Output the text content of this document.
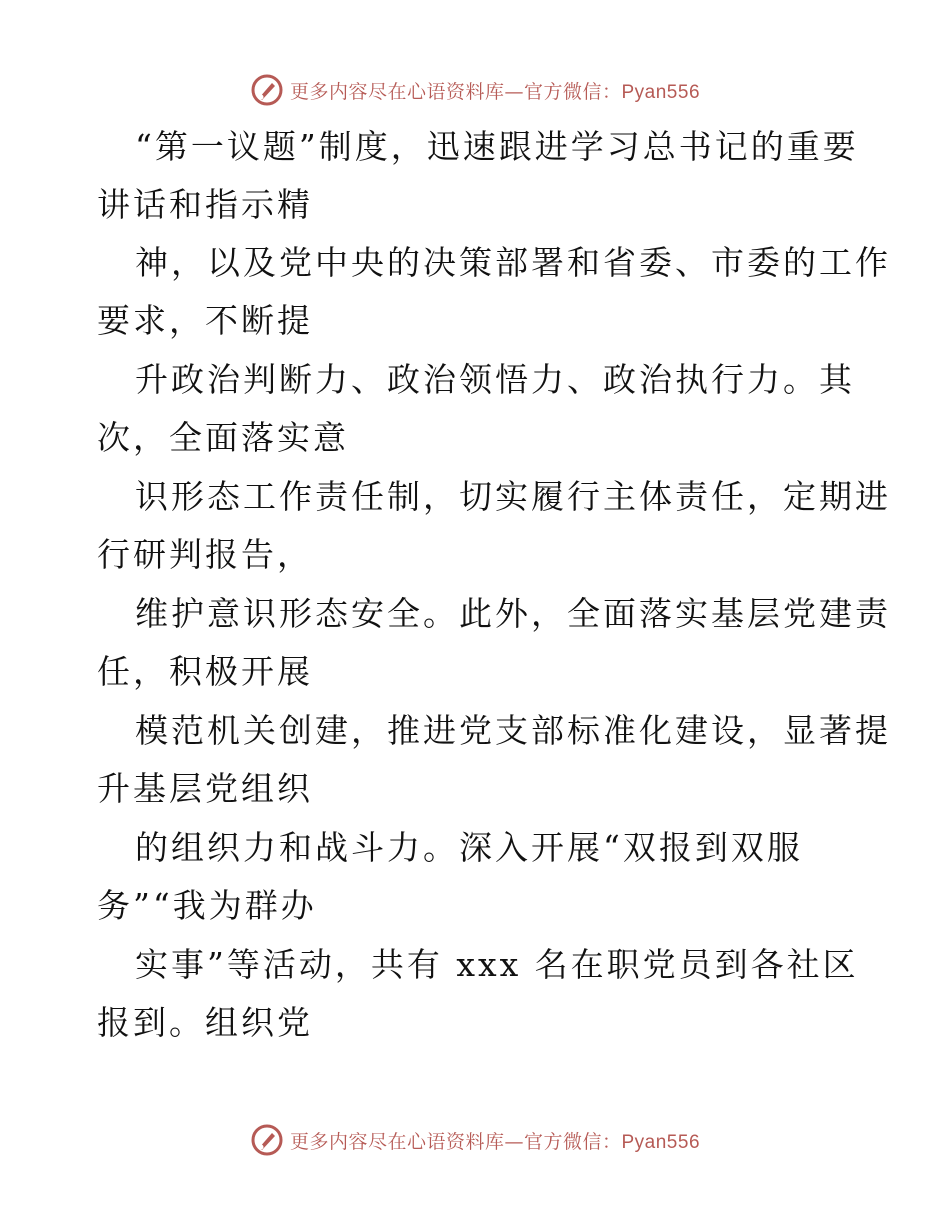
更多内容尽在心语资料库—官方微信：Pyan556
“第一议题”制度，迅速跟进学习总书记的重要
讲话和指示精
神，以及党中央的决策部署和省委、市委的工作
要求，不断提
升政治判断力、政治领悟力、政治执行力。其
次，全面落实意
识形态工作责任制，切实履行主体责任，定期进
行研判报告，
维护意识形态安全。此外，全面落实基层党建责
任，积极开展
模范机关创建，推进党支部标准化建设，显著提
升基层党组织
的组织力和战斗力。深入开展“双报到双服
务”“我为群办
实事”等活动，共有 xxx 名在职党员到各社区
报到。组织党
更多内容尽在心语资料库—官方微信：Pyan556
